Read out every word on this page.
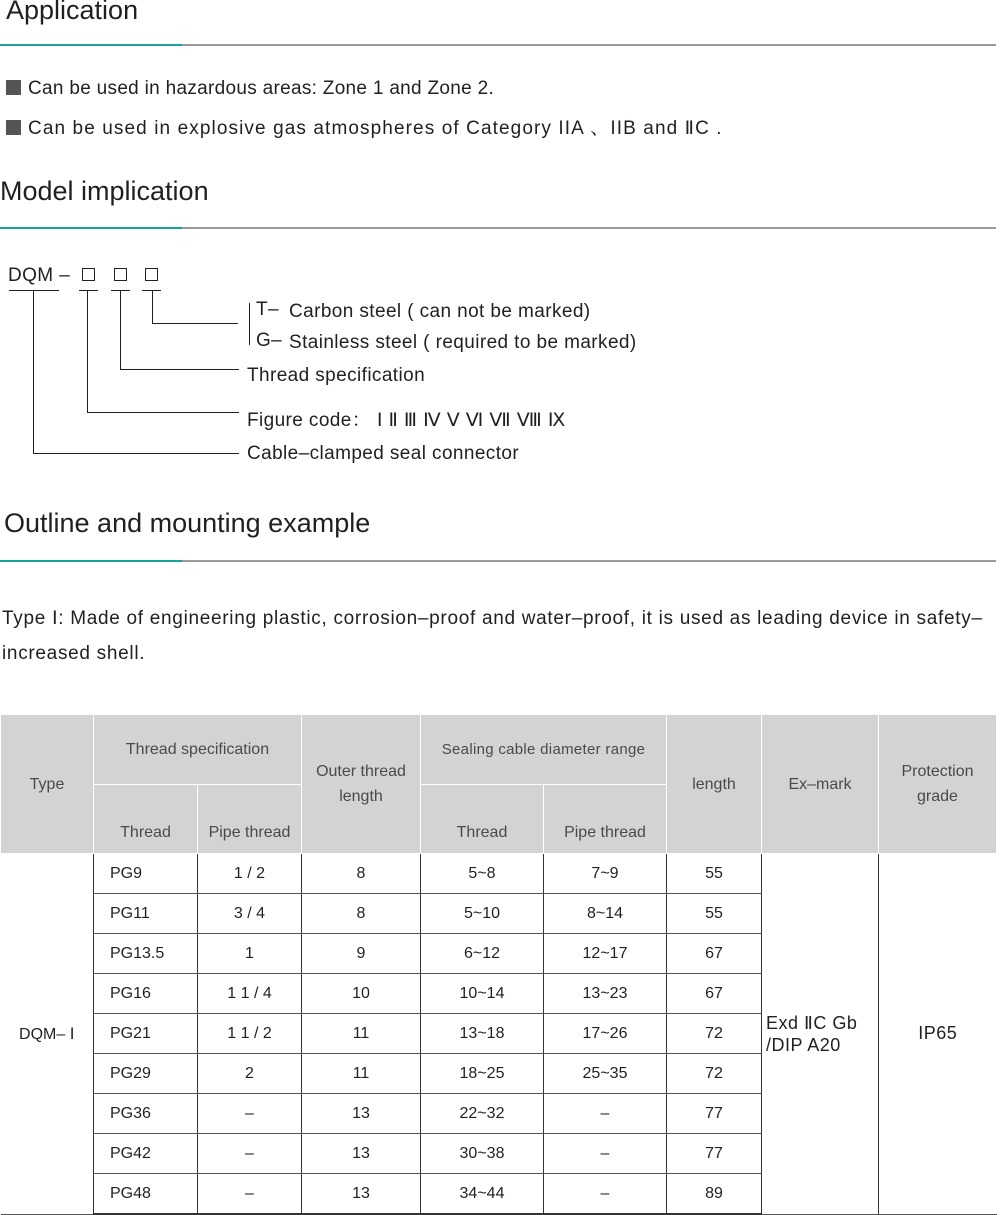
Application
Can be used in hazardous areas: Zone 1 and Zone 2.
Can be used in explosive gas atmospheres of Category IIA 、IIB and ⅡC .
Model implication
DQM –
T– Carbon steel ( can not be marked)
G– Stainless steel ( required to be marked)
Thread specification
Figure code： Ⅰ Ⅱ Ⅲ Ⅳ Ⅴ Ⅵ Ⅶ Ⅷ Ⅸ
Cable–clamped seal connector
Outline and mounting example
Type Ⅰ: Made of engineering plastic, corrosion–proof and water–proof, it is used as leading device in safety–increased shell.
Type	Thread specification		Outer thread length	Sealing cable diameter range		length	Ex–mark	Protection grade
	Thread	Pipe thread		Thread	Pipe thread			
DQM– Ⅰ	PG9	1 / 2	8	5~8	7~9	55	Exd ⅡC Gb /DIP A20	IP65
	PG11	3 / 4	8	5~10	8~14	55		
	PG13.5	1	9	6~12	12~17	67		
	PG16	1 1 / 4	10	10~14	13~23	67		
	PG21	1 1 / 2	11	13~18	17~26	72		
	PG29	2	11	18~25	25~35	72		
	PG36	–	13	22~32	–	77		
	PG42	–	13	30~38	–	77		
	PG48	–	13	34~44	–	89		
